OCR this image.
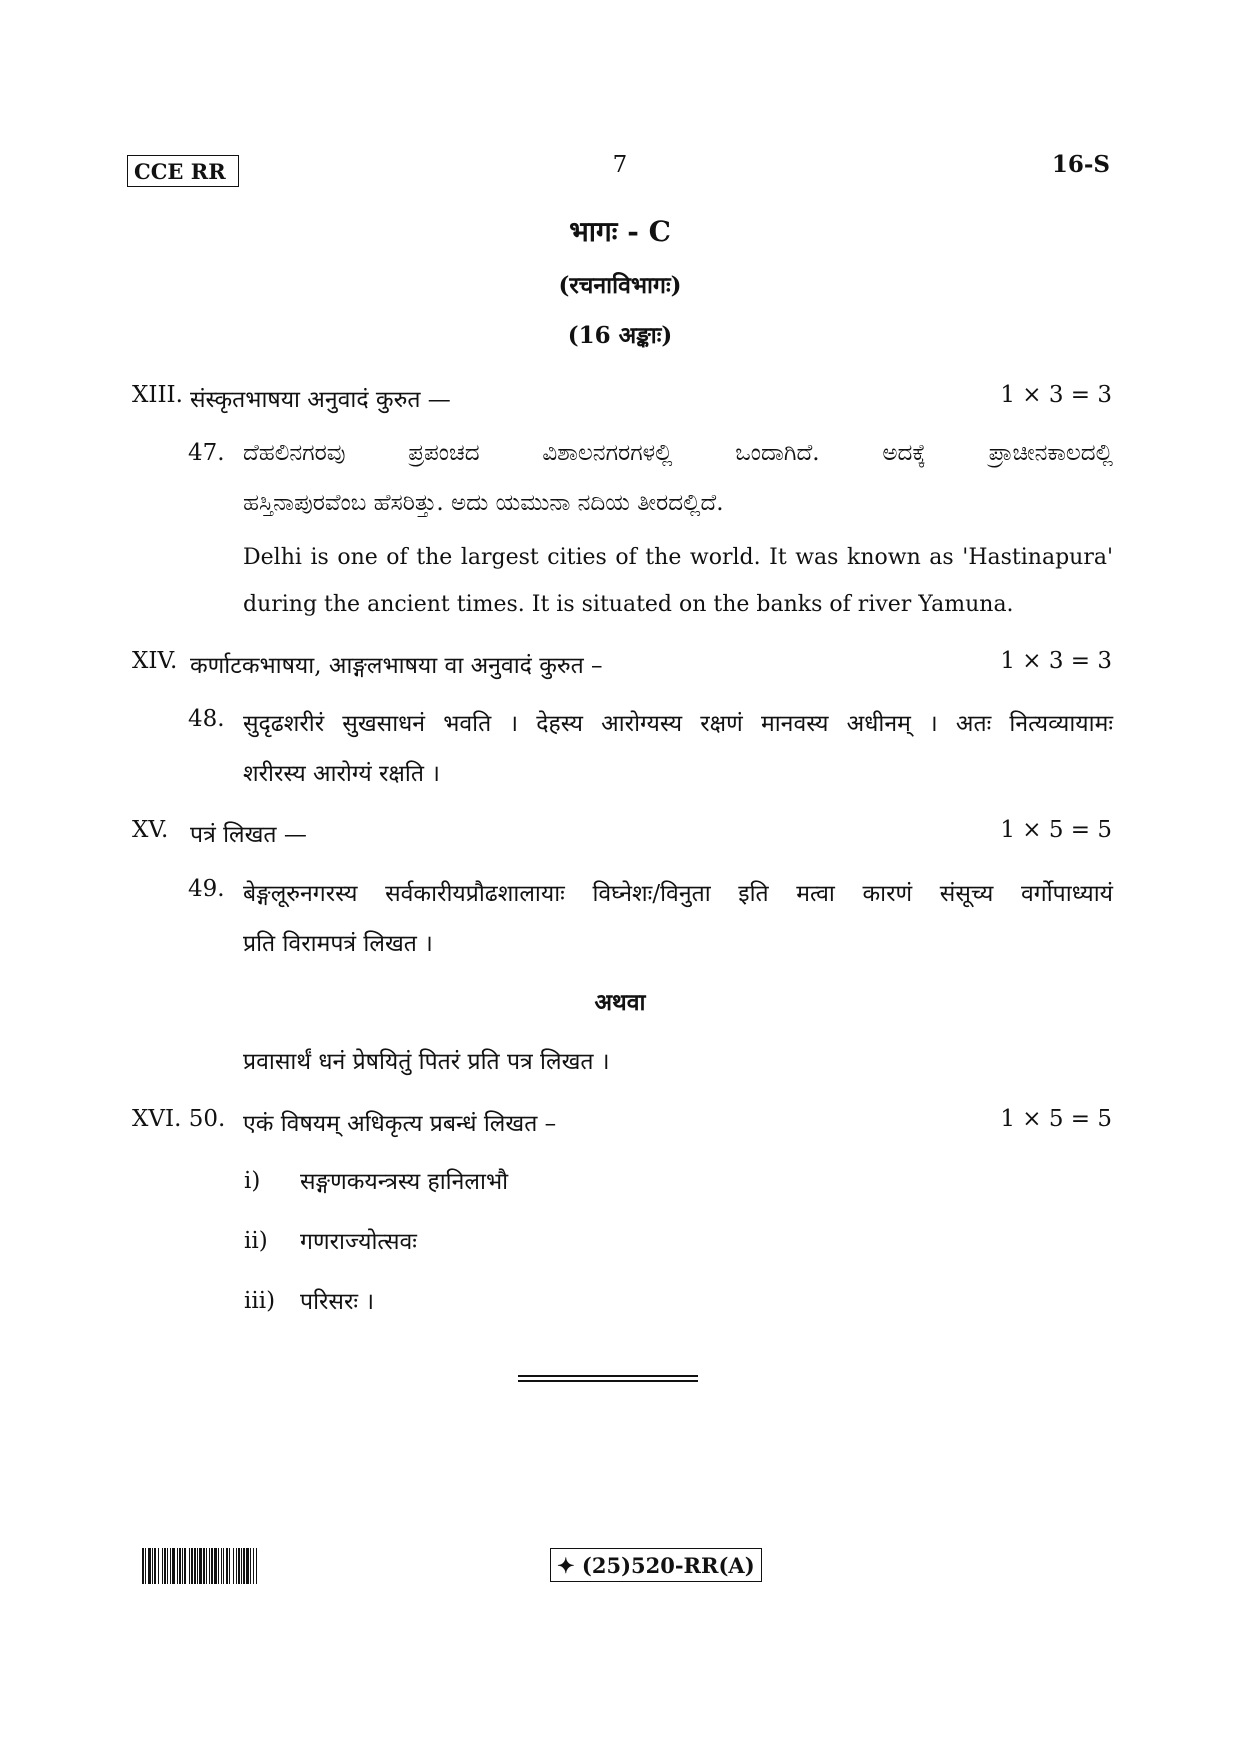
CCE RR	7	16-S
भागः - C
(रचनाविभागः)
(16 अङ्काः)
XIII. संस्कृतभाषया अनुवादं कुरुत —	1 × 3 = 3
47. ದೆಹಲಿನಗರವು ಪ್ರಪಂಚದ ವಿಶಾಲನಗರಗಳಲ್ಲಿ ಒಂದಾಗಿದೆ. ಅದಕ್ಕೆ ಪ್ರಾಚೀನಕಾಲದಲ್ಲಿ
ಹಸ್ತಿನಾಪುರವೆಂಬ ಹೆಸರಿತ್ತು. ಅದು ಯಮುನಾ ನದಿಯ ತೀರದಲ್ಲಿದೆ.
Delhi is one of the largest cities of the world. It was known as 'Hastinapura'
during the ancient times. It is situated on the banks of river Yamuna.
XIV. कर्णाटकभाषया, आङ्गलभाषया वा अनुवादं कुरुत –	1 × 3 = 3
48. सुदृढशरीरं सुखसाधनं भवति । देहस्य आरोग्यस्य रक्षणं मानवस्य अधीनम् । अतः नित्यव्यायामः
शरीरस्य आरोग्यं रक्षति ।
XV. पत्रं लिखत —	1 × 5 = 5
49. बेङ्गलूरुनगरस्य सर्वकारीयप्रौढशालायाः विघ्नेशः/विनुता इति मत्वा कारणं संसूच्य वर्गोपाध्यायं
प्रति विरामपत्रं लिखत ।
अथवा
प्रवासार्थं धनं प्रेषयितुं पितरं प्रति पत्र लिखत ।
XVI. 50. एकं विषयम् अधिकृत्य प्रबन्धं लिखत –	1 × 5 = 5
i) सङ्गणकयन्त्रस्य हानिलाभौ
ii) गणराज्योत्सवः
iii) परिसरः ।
✦ (25)520-RR(A)
